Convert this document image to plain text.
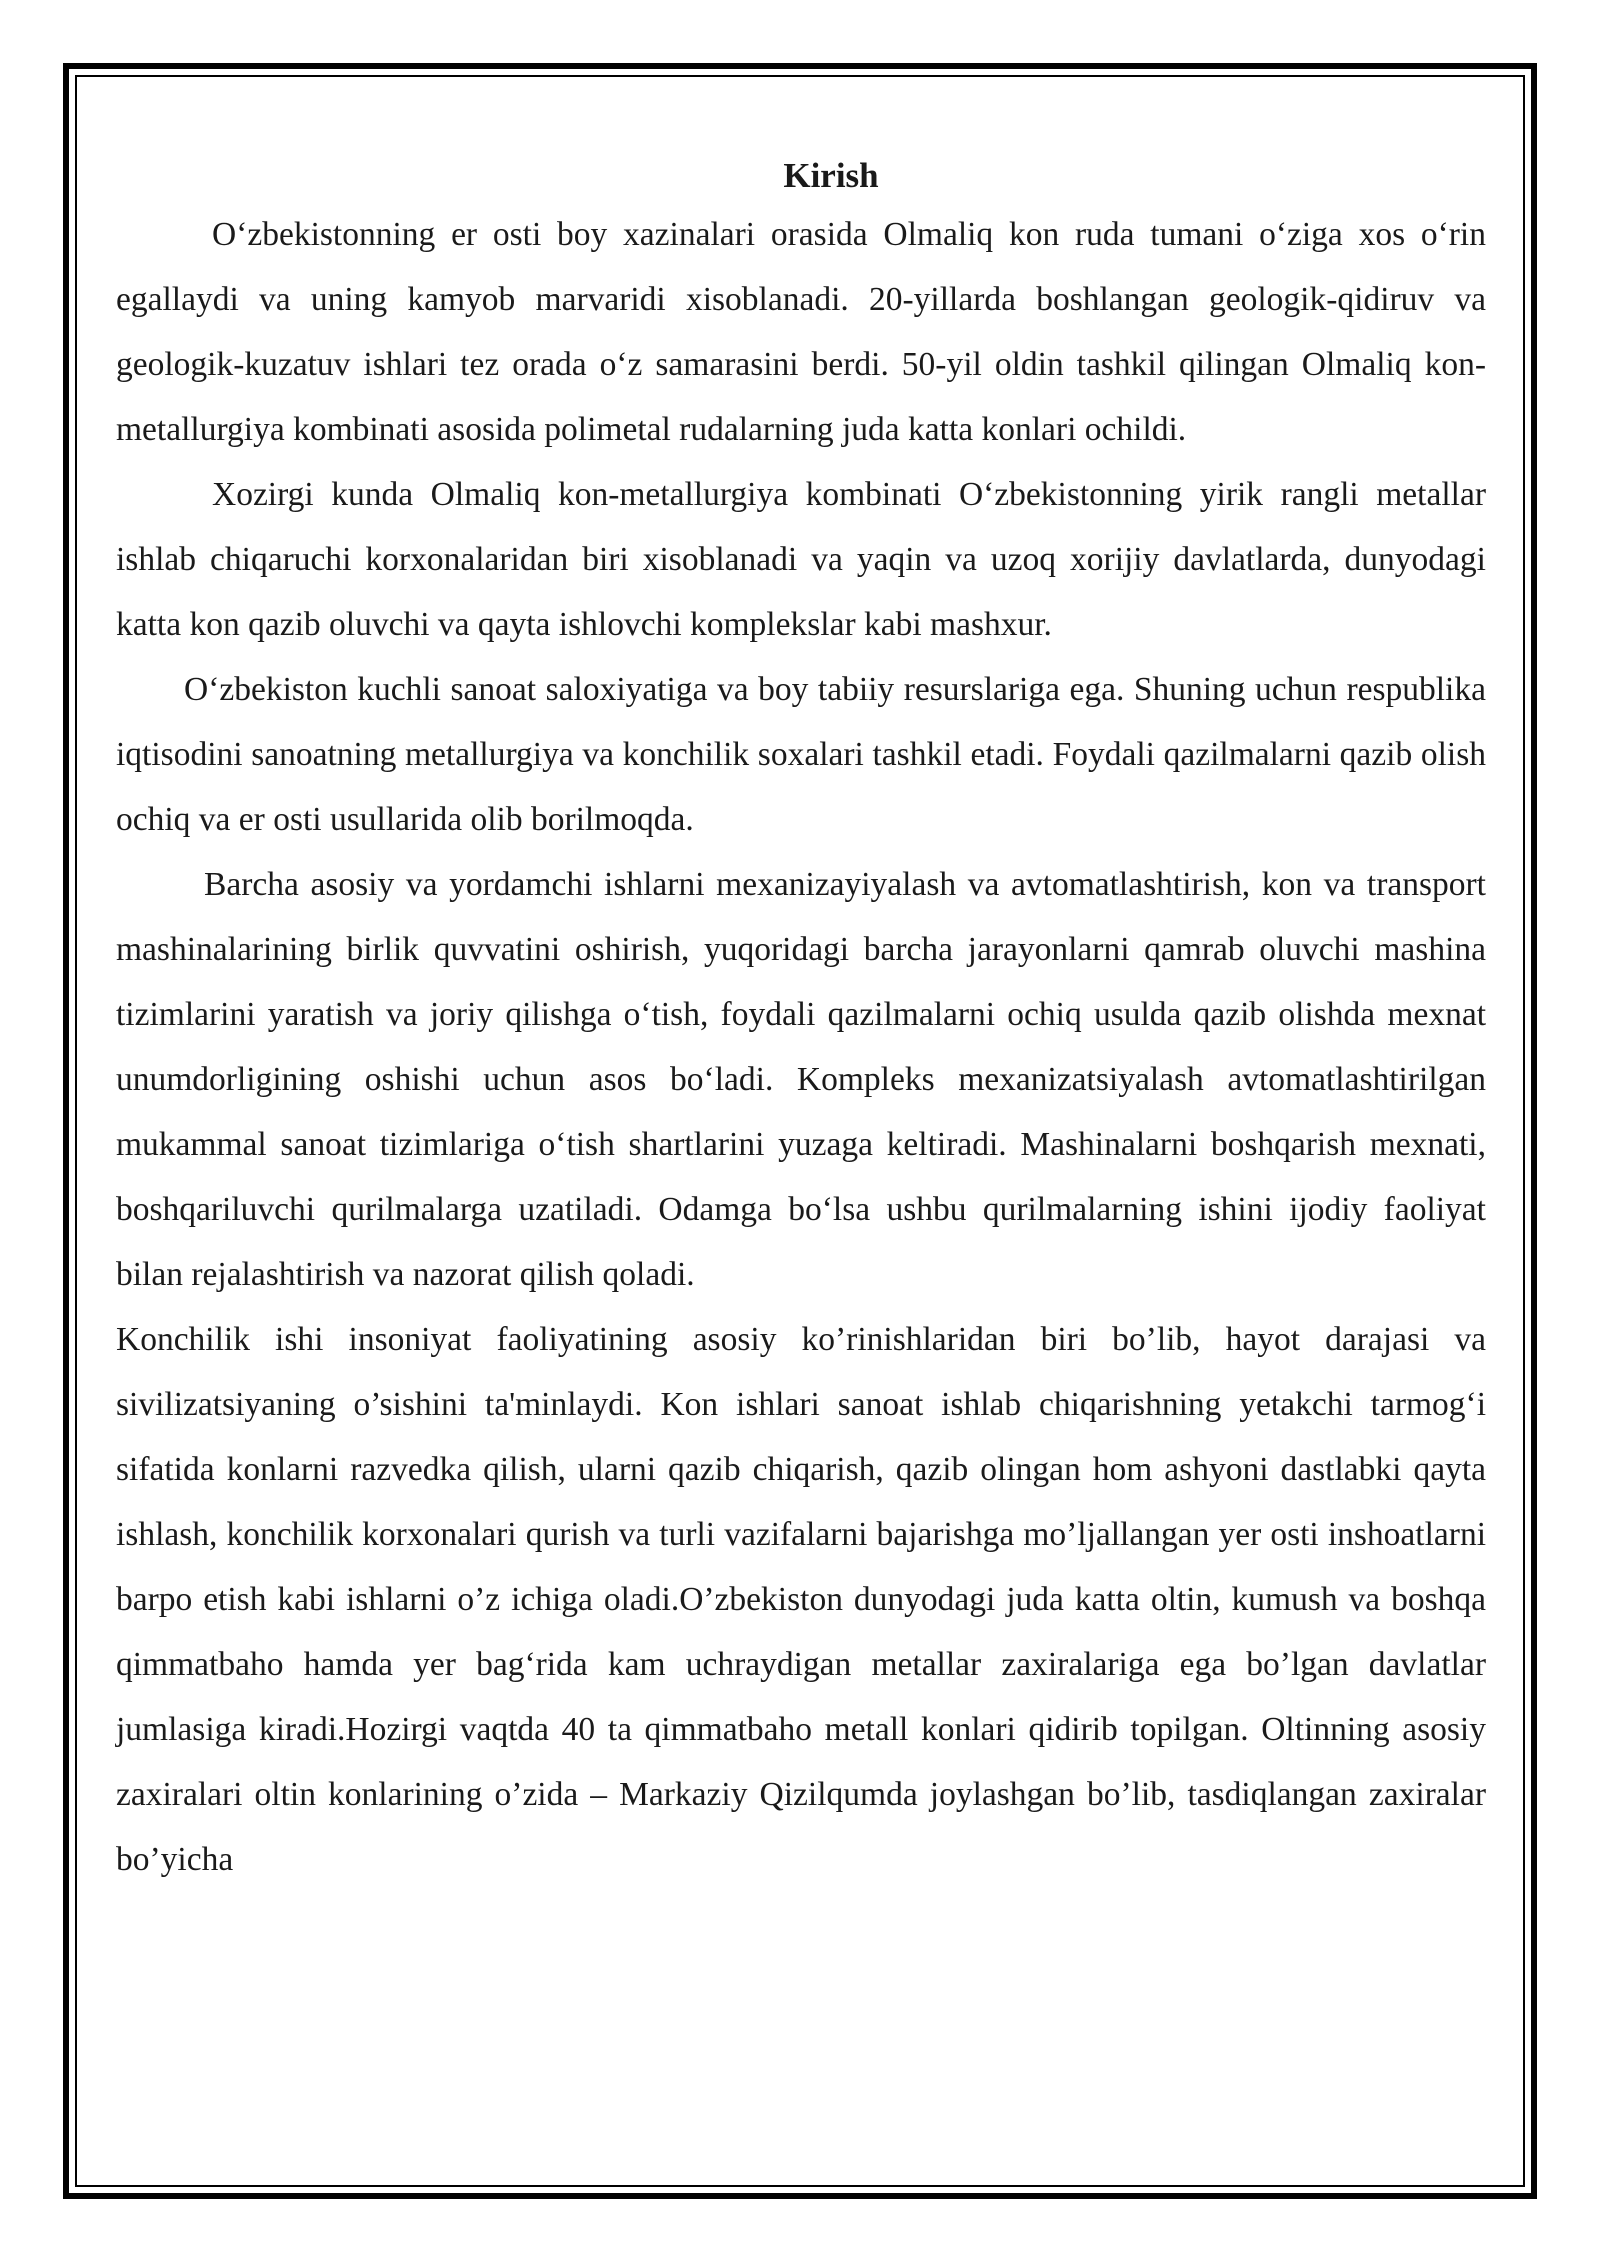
Kirish

O‘zbekistonning er osti boy xazinalari orasida Olmaliq kon ruda tumani o‘ziga xos o‘rin egallaydi va uning kamyob marvaridi xisoblanadi. 20-yillarda boshlangan geologik-qidiruv va geologik-kuzatuv ishlari tez orada o‘z samarasini berdi. 50-yil oldin tashkil qilingan Olmaliq kon-metallurgiya kombinati asosida polimetal rudalarning juda katta konlari ochildi.

Xozirgi kunda Olmaliq kon-metallurgiya kombinati O‘zbekistonning yirik rangli metallar ishlab chiqaruchi korxonalaridan biri xisoblanadi va yaqin va uzoq xorijiy davlatlarda, dunyodagi katta kon qazib oluvchi va qayta ishlovchi komplekslar kabi mashxur.

O‘zbekiston kuchli sanoat saloxiyatiga va boy tabiiy resurslariga ega. Shuning uchun respublika iqtisodini sanoatning metallurgiya va konchilik soxalari tashkil etadi. Foydali qazilmalarni qazib olish ochiq va er osti usullarida olib borilmoqda.

Barcha asosiy va yordamchi ishlarni mexanizayiyalash va avtomatlashtirish, kon va transport mashinalarining birlik quvvatini oshirish, yuqoridagi barcha jarayonlarni qamrab oluvchi mashina tizimlarini yaratish va joriy qilishga o‘tish, foydali qazilmalarni ochiq usulda qazib olishda mexnat unumdorligining oshishi uchun asos bo‘ladi. Kompleks mexanizatsiyalash avtomatlashtirilgan mukammal sanoat tizimlariga o‘tish shartlarini yuzaga keltiradi. Mashinalarni boshqarish mexnati, boshqariluvchi qurilmalarga uzatiladi. Odamga bo‘lsa ushbu qurilmalarning ishini ijodiy faoliyat bilan rejalashtirish va nazorat qilish qoladi.

Konchilik ishi insoniyat faoliyatining asosiy ko’rinishlaridan biri bo’lib, hayot darajasi va sivilizatsiyaning o’sishini ta'minlaydi. Kon ishlari sanoat ishlab chiqarishning yetakchi tarmog‘i sifatida konlarni razvedka qilish, ularni qazib chiqarish, qazib olingan hom ashyoni dastlabki qayta ishlash, konchilik korxonalari qurish va turli vazifalarni bajarishga mo’ljallangan yer osti inshoatlarni barpo etish kabi ishlarni o’z ichiga oladi.O’zbekiston dunyodagi juda katta oltin, kumush va boshqa qimmatbaho hamda yer bag‘rida kam uchraydigan metallar zaxiralariga ega bo’lgan davlatlar jumlasiga kiradi.Hozirgi vaqtda 40 ta qimmatbaho metall konlari qidirib topilgan. Oltinning asosiy zaxiralari oltin konlarining o’zida – Markaziy Qizilqumda joylashgan bo’lib, tasdiqlangan zaxiralar bo’yicha
